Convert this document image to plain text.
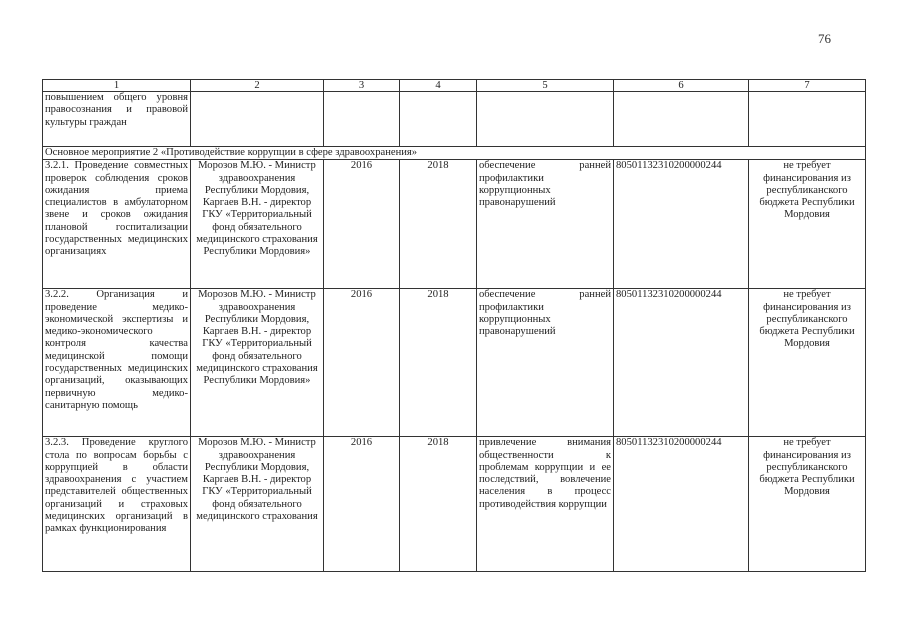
76
1	2	3	4	5	6	7
повышением общего уровня правосознания и правовой культуры граждан						
Основное мероприятие 2 «Противодействие коррупции в сфере здравоохранения»						
3.2.1. Проведение совместных проверок соблюдения сроков ожидания приема специалистов в амбулаторном звене и сроков ожидания плановой госпитализации государственных медицинских организациях	Морозов М.Ю. - Министр здравоохранения Республики Мордовия, Каргаев В.Н. - директор ГКУ «Территориальный фонд обязательного медицинского страхования Республики Мордовия»	2016	2018	обеспечение ранней профилактики коррупционных правонарушений	80501132310200000244	не требует финансирования из республиканского бюджета Республики Мордовия
3.2.2. Организация и проведение медико-экономической экспертизы и медико-экономического контроля качества медицинской помощи государственных медицинских организаций, оказывающих первичную медико-санитарную помощь	Морозов М.Ю. - Министр здравоохранения Республики Мордовия, Каргаев В.Н. - директор ГКУ «Территориальный фонд обязательного медицинского страхования Республики Мордовия»	2016	2018	обеспечение ранней профилактики коррупционных правонарушений	80501132310200000244	не требует финансирования из республиканского бюджета Республики Мордовия
3.2.3. Проведение круглого стола по вопросам борьбы с коррупцией в области здравоохранения с участием представителей общественных организаций и страховых медицинских организаций в рамках функционирования	Морозов М.Ю. - Министр здравоохранения Республики Мордовия, Каргаев В.Н. - директор ГКУ «Территориальный фонд обязательного медицинского страхования	2016	2018	привлечение внимания общественности к проблемам коррупции и ее последствий, вовлечение населения в процесс противодействия коррупции	80501132310200000244	не требует финансирования из республиканского бюджета Республики Мордовия
